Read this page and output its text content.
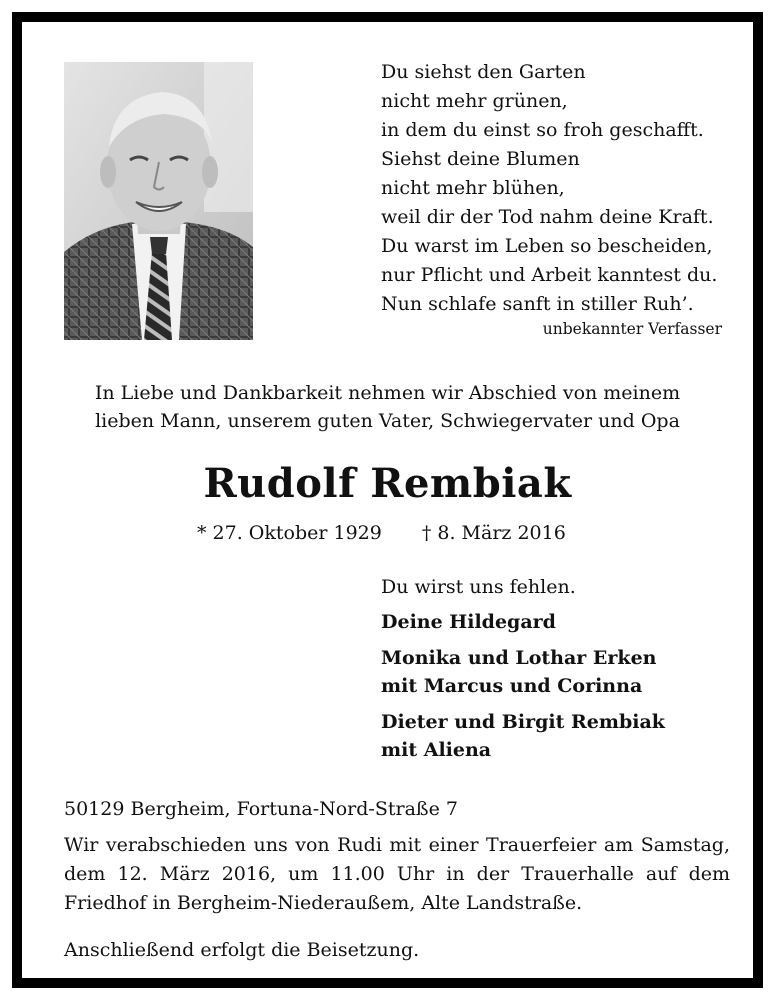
Du siehst den Garten
nicht mehr grünen,
in dem du einst so froh geschafft.
Siehst deine Blumen
nicht mehr blühen,
weil dir der Tod nahm deine Kraft.
Du warst im Leben so bescheiden,
nur Pflicht und Arbeit kanntest du.
Nun schlafe sanft in stiller Ruh’.
unbekannter Verfasser
In Liebe und Dankbarkeit nehmen wir Abschied von meinem
lieben Mann, unserem guten Vater, Schwiegervater und Opa
Rudolf Rembiak
* 27. Oktober 1929 † 8. März 2016
Du wirst uns fehlen.
Deine Hildegard
Monika und Lothar Erken
mit Marcus und Corinna
Dieter und Birgit Rembiak
mit Aliena
50129 Bergheim, Fortuna-Nord-Straße 7
Wir verabschieden uns von Rudi mit einer Trauerfeier am Samstag,
dem 12. März 2016, um 11.00 Uhr in der Trauerhalle auf dem
Friedhof in Bergheim-Niederaußem, Alte Landstraße.
Anschließend erfolgt die Beisetzung.
